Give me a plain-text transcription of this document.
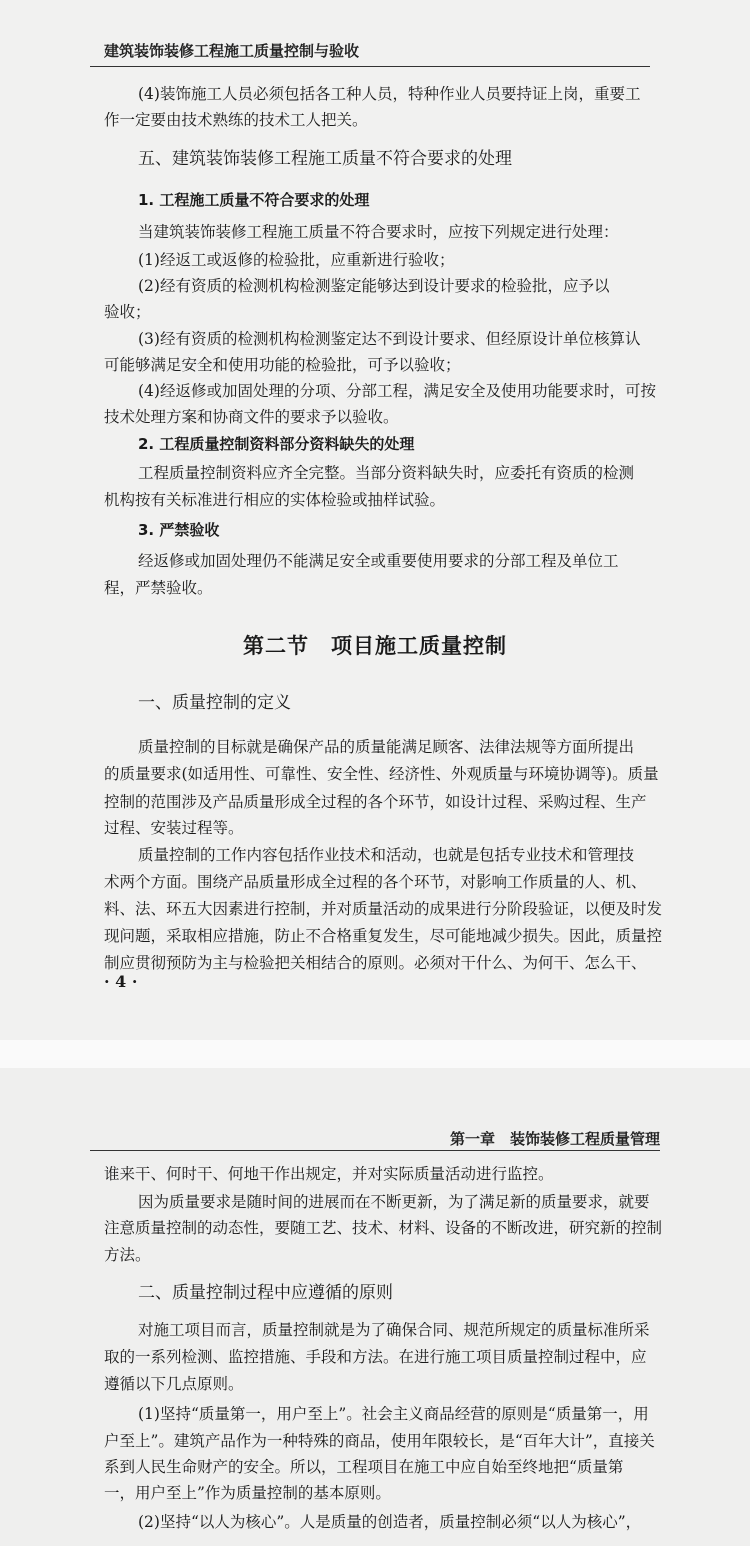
建筑装饰装修工程施工质量控制与验收
(4)装饰施工人员必须包括各工种人员，特种作业人员要持证上岗，重要工
作一定要由技术熟练的技术工人把关。
五、建筑装饰装修工程施工质量不符合要求的处理
1. 工程施工质量不符合要求的处理
当建筑装饰装修工程施工质量不符合要求时，应按下列规定进行处理：
(1)经返工或返修的检验批，应重新进行验收；
(2)经有资质的检测机构检测鉴定能够达到设计要求的检验批，应予以
验收；
(3)经有资质的检测机构检测鉴定达不到设计要求、但经原设计单位核算认
可能够满足安全和使用功能的检验批，可予以验收；
(4)经返修或加固处理的分项、分部工程，满足安全及使用功能要求时，可按
技术处理方案和协商文件的要求予以验收。
2. 工程质量控制资料部分资料缺失的处理
工程质量控制资料应齐全完整。当部分资料缺失时，应委托有资质的检测
机构按有关标准进行相应的实体检验或抽样试验。
3. 严禁验收
经返修或加固处理仍不能满足安全或重要使用要求的分部工程及单位工
程，严禁验收。
第二节　项目施工质量控制
一、质量控制的定义
质量控制的目标就是确保产品的质量能满足顾客、法律法规等方面所提出
的质量要求(如适用性、可靠性、安全性、经济性、外观质量与环境协调等)。质量
控制的范围涉及产品质量形成全过程的各个环节，如设计过程、采购过程、生产
过程、安装过程等。
质量控制的工作内容包括作业技术和活动，也就是包括专业技术和管理技
术两个方面。围绕产品质量形成全过程的各个环节，对影响工作质量的人、机、
料、法、环五大因素进行控制，并对质量活动的成果进行分阶段验证，以便及时发
现问题，采取相应措施，防止不合格重复发生，尽可能地减少损失。因此，质量控
制应贯彻预防为主与检验把关相结合的原则。必须对干什么、为何干、怎么干、
· 4 ·
第一章　装饰装修工程质量管理
谁来干、何时干、何地干作出规定，并对实际质量活动进行监控。
因为质量要求是随时间的进展而在不断更新，为了满足新的质量要求，就要
注意质量控制的动态性，要随工艺、技术、材料、设备的不断改进，研究新的控制
方法。
二、质量控制过程中应遵循的原则
对施工项目而言，质量控制就是为了确保合同、规范所规定的质量标准所采
取的一系列检测、监控措施、手段和方法。在进行施工项目质量控制过程中，应
遵循以下几点原则。
(1)坚持“质量第一，用户至上”。社会主义商品经营的原则是“质量第一，用
户至上”。建筑产品作为一种特殊的商品，使用年限较长，是“百年大计”，直接关
系到人民生命财产的安全。所以，工程项目在施工中应自始至终地把“质量第
一，用户至上”作为质量控制的基本原则。
(2)坚持“以人为核心”。人是质量的创造者，质量控制必须“以人为核心”，
